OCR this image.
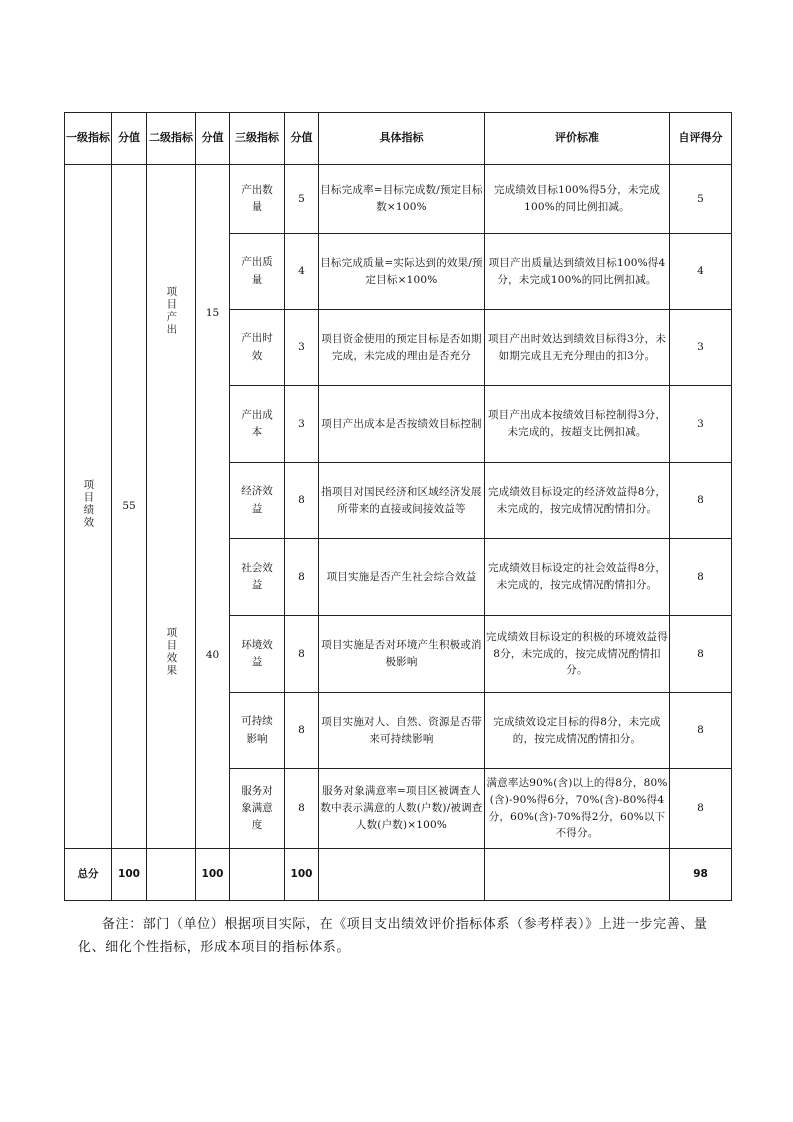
一级指标	分值	二级指标	分值	三级指标	分值	具体指标	评价标准	自评得分
项目绩效	55	项目产出	15	产出数量	5	目标完成率=目标完成数/预定目标数×100%	完成绩效目标100%得5分，未完成100%的同比例扣减。	5
				产出质量	4	目标完成质量=实际达到的效果/预定目标×100%	项目产出质量达到绩效目标100%得4分，未完成100%的同比例扣减。	4
				产出时效	3	项目资金使用的预定目标是否如期完成，未完成的理由是否充分	项目产出时效达到绩效目标得3分，未如期完成且无充分理由的扣3分。	3
				产出成本	3	项目产出成本是否按绩效目标控制	项目产出成本按绩效目标控制得3分，未完成的，按超支比例扣减。	3
		项目效果	40	经济效益	8	指项目对国民经济和区域经济发展所带来的直接或间接效益等	完成绩效目标设定的经济效益得8分，未完成的，按完成情况酌情扣分。	8
				社会效益	8	项目实施是否产生社会综合效益	完成绩效目标设定的社会效益得8分，未完成的，按完成情况酌情扣分。	8
				环境效益	8	项目实施是否对环境产生积极或消极影响	完成绩效目标设定的积极的环境效益得8分，未完成的，按完成情况酌情扣分。	8
				可持续影响	8	项目实施对人、自然、资源是否带来可持续影响	完成绩效设定目标的得8分，未完成的，按完成情况酌情扣分。	8
				服务对象满意度	8	服务对象满意率=项目区被调查人数中表示满意的人数(户数)/被调查人数(户数)×100%	满意率达90%(含)以上的得8分，80%(含)-90%得6分，70%(含)-80%得4分，60%(含)-70%得2分，60%以下不得分。	8
总分	100		100		100			98
备注：部门（单位）根据项目实际，在《项目支出绩效评价指标体系（参考样表）》上进一步完善、量化、细化个性指标，形成本项目的指标体系。
